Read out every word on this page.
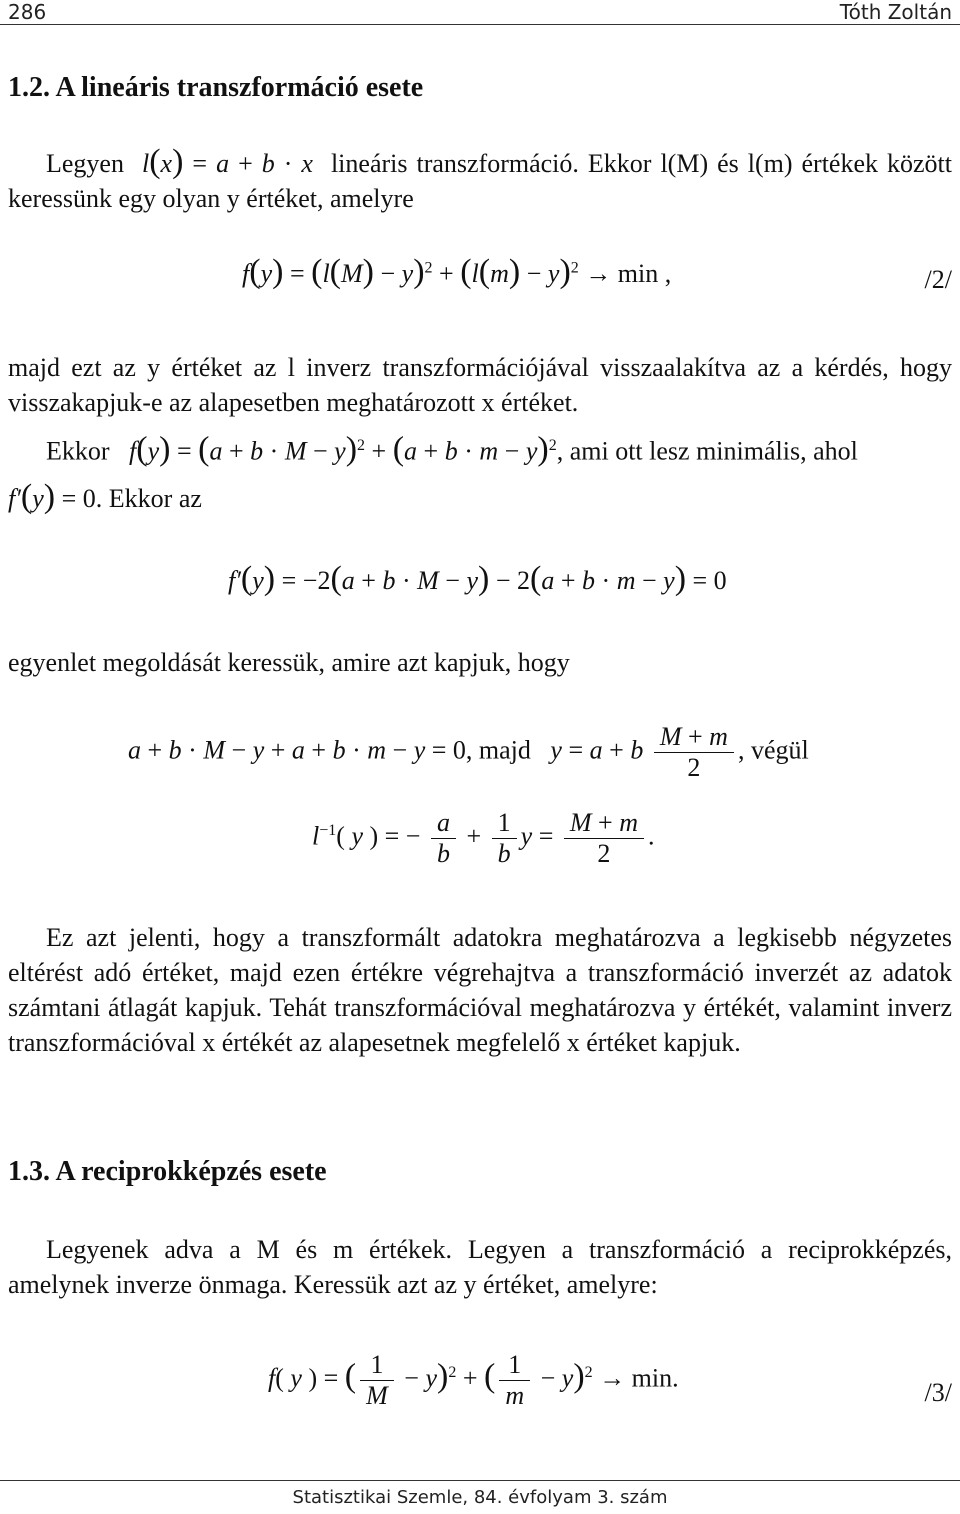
286	Tóth Zoltán
1.2. A lineáris transzformáció esete
Legyen  l(x) = a + b · x lineáris transzformáció. Ekkor l(M) és l(m) értékek között keressünk egy olyan y értéket, amelyre
$f(y) = (l(M) - y)^2 + (l(m) - y)^2 \to \min$ ,	/2/
majd ezt az y értéket az l inverz transzformációjával visszaalakítva az a kérdés, hogy visszakapjuk-e az alapesetben meghatározott x értéket.
Ekkor $f(y) = (a + b \cdot M - y)^2 + (a + b \cdot m - y)^2$, ami ott lesz minimális, ahol
f′(y) = 0. Ekkor az
f′(y) = −2(a + b · M − y) − 2(a + b · m − y) = 0
egyenlet megoldását keressük, amire azt kapjuk, hogy
a + b · M − y + a + b · m − y = 0, majd y = a + b $\frac{M + m}{2}$ , végül
$l^{-1}$( y ) = − $\frac{a}{b} + \frac{1}{b}$ $y = \frac{M + m}{2}$ .
Ez azt jelenti, hogy a transzformált adatokra meghatározva a legkisebb négyzetes eltérést adó értéket, majd ezen értékre végrehajtva a transzformáció inverzét az adatok számtani átlagát kapjuk. Tehát transzformációval meghatározva y értékét, valamint inverz transzformációval x értékét az alapesetnek megfelelő x értéket kapjuk.
1.3. A reciprokképzés esete
Legyenek adva a M és m értékek. Legyen a transzformáció a reciprokképzés, amelynek inverze önmaga. Keressük azt az y értéket, amelyre:
f( y ) = ( $\frac{1}{M} - y)^2$ + ( $\frac{1}{m} - y)^2 \to \min$.
/3/
Statisztikai Szemle, 84. évfolyam 3. szám
